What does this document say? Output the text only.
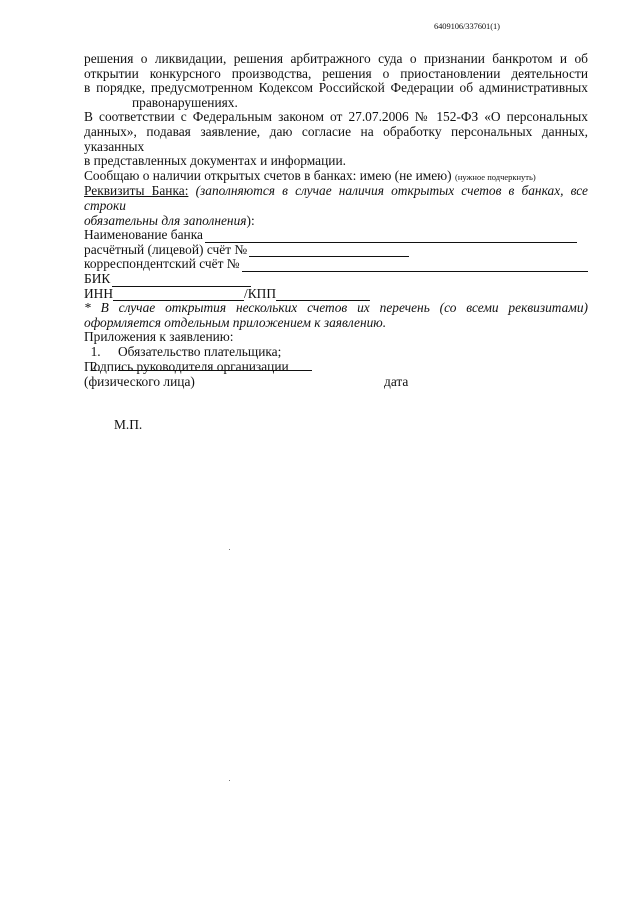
6409106/337601(1)

решения о ликвидации, решения арбитражного суда о признании банкротом и об

открытии конкурсного производства, решения о приостановлении деятельности

в порядке, предусмотренном Кодексом Российской Федерации об административных

правонарушениях.

В соответствии с Федеральным законом от 27.07.2006 № 152-ФЗ «О персональных

данных», подавая заявление, даю согласие на обработку персональных данных, указанных

в представленных документах и информации.

Сообщаю о наличии открытых счетов в банках: имею (не имею) (нужное подчеркнуть)

Реквизиты Банка: (заполняются в случае наличия открытых счетов в банках, все строки

обязательны для заполнения):

Наименование банка
расчётный (лицевой) счёт №
корреспондентский счёт №
БИК
ИНН	/КПП

* В случае открытия нескольких счетов их перечень (со всеми реквизитами)

оформляется отдельным приложением к заявлению.

Приложения к заявлению:

1. Обязательство плательщика;
2.

Подпись руководителя организации

(физического лица)	дата

М.П.
